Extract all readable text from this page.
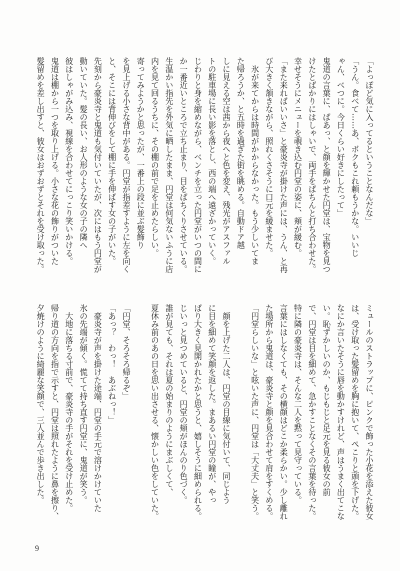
「よっぽど気に入ってるということなんだな」
「うん。食べて……あ、ボクもこれ頼もうかな。いいじ
ゃん、べつに。今日くらい好きにしたって」
鬼道の言葉に、ぱあっ、と顔を輝かせた円堂は、宝物を見つ
けたとばかりにはしゃいで、両手をぱちんと打ち合わせた。
幸せそうにメニューを覗き込む円堂の姿に、頬が緩む。
「また来ればいいさ」と豪炎寺が掛けた声には、うん、と再
び大きく頷きながら、照れくさそうに口元を緩ませた。
　氷が来てからは時間がかからなかった。もう少しいてま
た帰ろうか、と五時を過ぎた街を眺める。自動ドア越
しに見える空は茜から夜へと色を変え、残光がアスファル
トの駐車場に長い影を落とし、西の端へ遠ざかっていく。
じわりと身を縮めながら、ベンチを立った円堂がいつの間に
か一番近いところで立ち止まり、目をぱちくりさせている。
生温かい指先を外気に晒したまま、円堂は何気ないふうに店
内を見て回るうちに、その棚の前で足を止めたらしい。
寄ってみようかと思ったが、一番上の段に並ぶ髪飾り
を見上げる小さな背中がある。円堂が指差すように左を向く
と、そこには背伸びをして棚に手を伸ばす女の子がいた。
先刻から豪炎寺と鬼道も気付いていたが、次にはもう円堂が
動いていた。髪の長い、お人形のような女の子の隣へ
彼はしゃがみ込み、視線を合わせてにっこり笑いかける。
鬼道は棚から一つを取り上げる。小さな花の飾りがついた
髪留めを差し出すと、彼女はおずおずとそれを受け取った。
ミュールのストラップに、ピンクで飾った小花を添えた彼女
は、受け取った髪留めを胸に抱いて、ぺこりと頭を下げた。
なにか言いたそうに唇を動かすけれど、声はうまく出てこな
い。恥ずかしいのか、もじもじと足元を見る彼女の前
で、円堂は目を細めて、急かすことなくその言葉を待った。
特に隣の豪炎寺は、そんな二人を黙って見守っている。
言葉にはしなくても、その横顔はどこか柔らかい。少し離れ
た場所から鬼道は、豪炎寺と顔を見合わせて肩をすくめる。
「円堂らしいな」と呟いた声に、円堂は「大丈夫」と笑う。
　顔を上げた二人は、円堂の目線に気付いて、同じよう
に目を細めて笑顔を返した。まあるい円堂の瞳が、やっ
ぱり大きく見開かれたかと思うと、嬉しそうに細められる。
じいっと見つめていると、円堂の頬がほんのり色づく。
誰が見ても、それは夏の始まりのようにまぶしくて、
夏休み前のあの日を思い出させる、懐かしい色をしていた。
「円堂、そろそろ帰るぞ」
「あっ？　わっ！　あぶねっ！」
　豪炎寺が声を掛けた途端、円堂の手元で溶けかけていた
氷の先端が傾く。慌てて持ち直す円堂に、鬼道が笑う。
　大地に落ちる寸前で、豪炎寺の手がそれを受け止めた。
帰り道の方向を指で示すと、円堂は照れたように鼻を擦り、
夕焼けのように綺麗な笑顔で、三人並んで歩き出した。
9
